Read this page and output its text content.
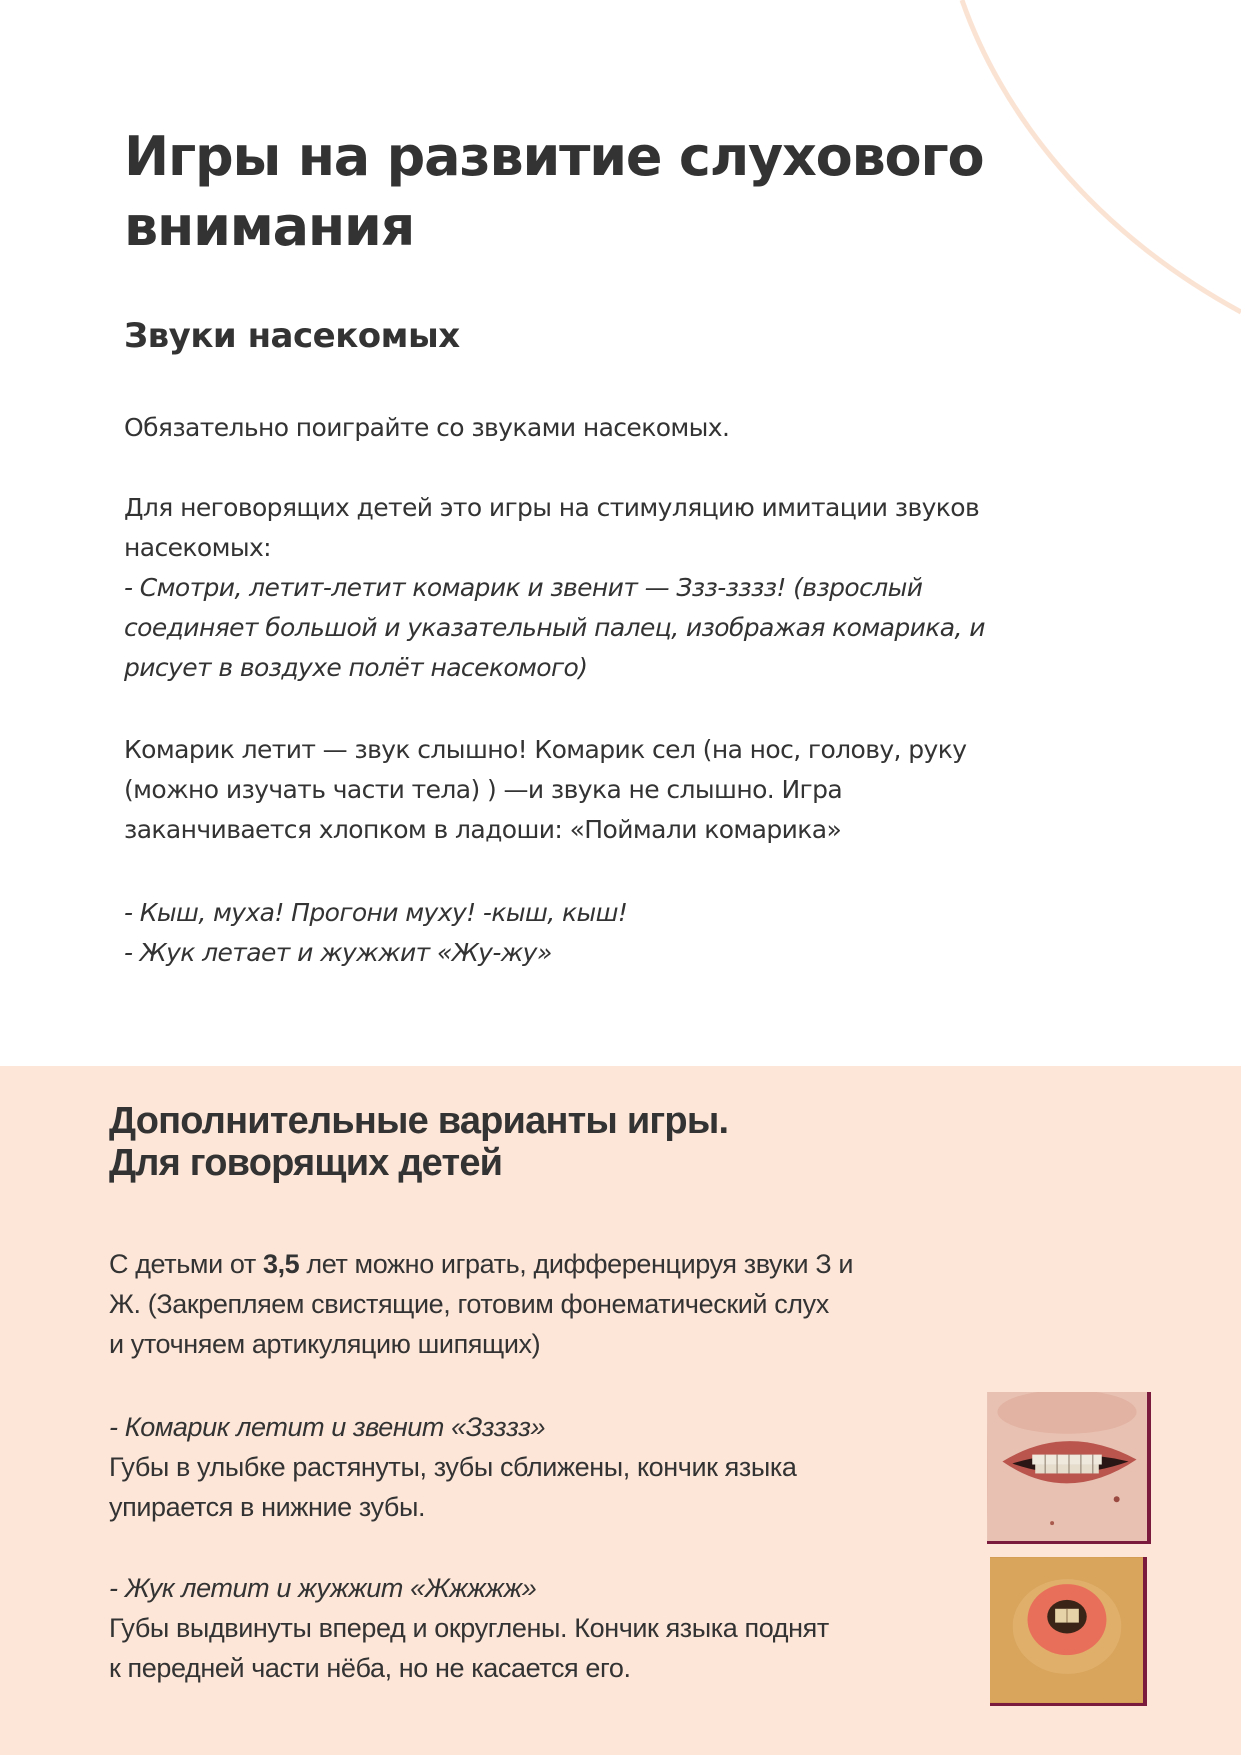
Игры на развитие слухового
внимания
Звуки насекомых

Обязательно поиграйте со звуками насекомых.

Для неговорящих детей это игры на стимуляцию имитации звуков
насекомых:
- Смотри, летит-летит комарик и звенит — Ззз-зззз! (взрослый
соединяет большой и указательный палец, изображая комарика, и
рисует в воздухе полёт насекомого)
Комарик летит — звук слышно! Комарик сел (на нос, голову, руку
(можно изучать части тела) ) —и звука не слышно. Игра
заканчивается хлопком в ладоши: «Поймали комарика»
- Кыш, муха! Прогони муху! -кыш, кыш!
- Жук летает и жужжит «Жу-жу»
Дополнительные варианты игры.
Для говорящих детей
С детьми от 3,5 лет можно играть, дифференцируя звуки З и
Ж. (Закрепляем свистящие, готовим фонематический слух
и уточняем артикуляцию шипящих)
- Комарик летит и звенит «Ззззз»
Губы в улыбке растянуты, зубы сближены, кончик языка
упирается в нижние зубы.
- Жук летит и жужжит «Жжжжж»
Губы выдвинуты вперед и округлены. Кончик языка поднят
к передней части нёба, но не касается его.
